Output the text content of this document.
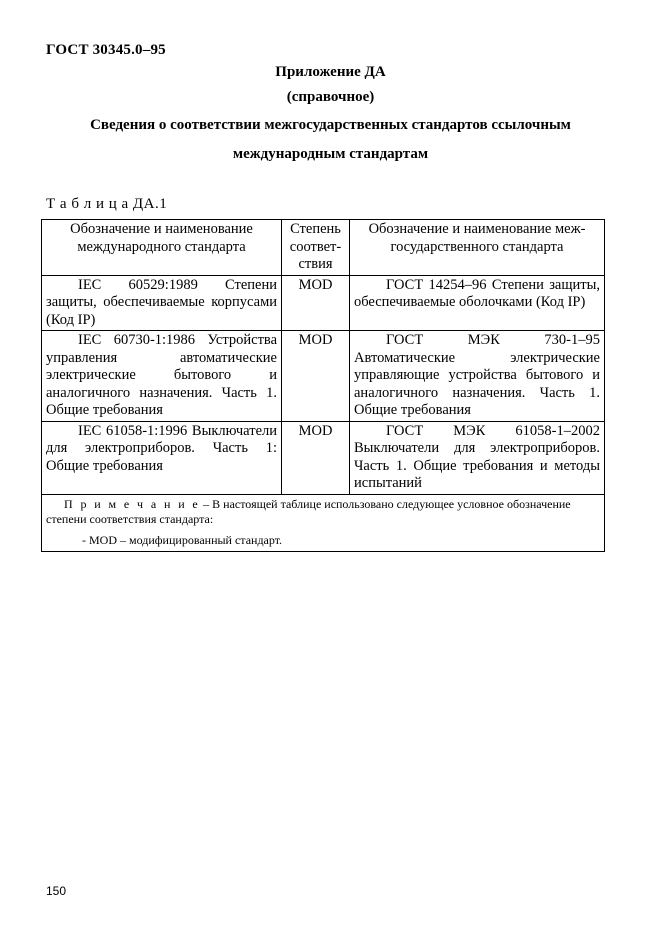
ГОСТ 30345.0–95
Приложение ДА
(справочное)
Сведения о соответствии межгосударственных стандартов ссылочным
международным стандартам
Т а б л и ц а ДА.1
Обозначение и наименование международного стандарта	Степень соответ-ствия	Обозначение и наименование меж-государственного стандарта
IEC 60529:1989 Степени защиты, обеспечиваемые корпусами (Код IP)	MOD	ГОСТ 14254–96 Степени защиты, обеспечиваемые оболочками (Код IP)
IEC 60730-1:1986 Устройства управления автоматические электрические бытового и аналогичного назначения. Часть 1. Общие требования	MOD	ГОСТ МЭК 730-1–95 Автоматические электрические управляющие устройства бытового и аналогичного назначения. Часть 1. Общие требования
IEC 61058-1:1996 Выключатели для электроприборов. Часть 1: Общие требования	MOD	ГОСТ МЭК 61058-1–2002 Выключатели для электроприборов. Часть 1. Общие требования и методы испытаний

П р и м е ч а н и е – В настоящей таблице использовано следующее условное обозначение степени соответствия стандарта:

- MOD – модифицированный стандарт.		

150
